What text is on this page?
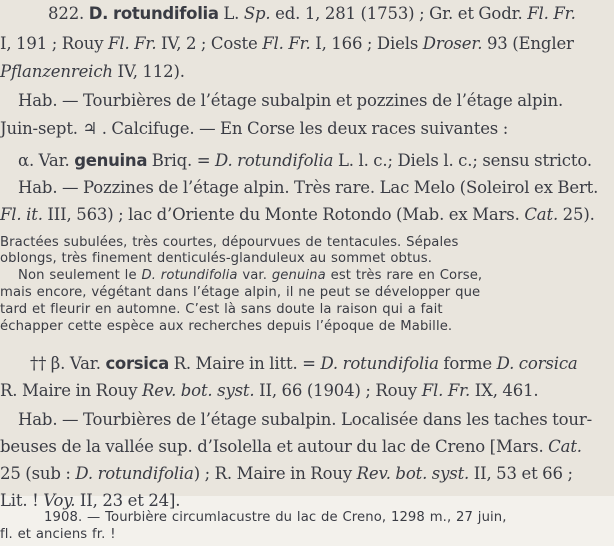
822. D. rotundifolia L. Sp. ed. 1, 281 (1753) ; Gr. et Godr. Fl. Fr.
I, 191 ; Rouy Fl. Fr. IV, 2 ; Coste Fl. Fr. I, 166 ; Diels Droser. 93 (Engler
Pflanzenreich IV, 112).
Hab. — Tourbières de l’étage subalpin et pozzines de l’étage alpin.
Juin-sept. ♃ . Calcifuge. — En Corse les deux races suivantes :
α. Var. genuina Briq. = D. rotundifolia L. l. c.; Diels l. c.; sensu stricto.
Hab. — Pozzines de l’étage alpin. Très rare. Lac Melo (Soleirol ex Bert.
Fl. it. III, 563) ; lac d’Oriente du Monte Rotondo (Mab. ex Mars. Cat. 25).
Bractées subulées, très courtes, dépourvues de tentacules. Sépales
oblongs, très finement denticulés-glanduleux au sommet obtus.
Non seulement le D. rotundifolia var. genuina est très rare en Corse,
mais encore, végétant dans l’étage alpin, il ne peut se développer que
tard et fleurir en automne. C’est là sans doute la raison qui a fait
échapper cette espèce aux recherches depuis l’époque de Mabille.
†† β. Var. corsica R. Maire in litt. = D. rotundifolia forme D. corsica
R. Maire in Rouy Rev. bot. syst. II, 66 (1904) ; Rouy Fl. Fr. IX, 461.
Hab. — Tourbières de l’étage subalpin. Localisée dans les taches tour-
beuses de la vallée sup. d’Isolella et autour du lac de Creno [Mars. Cat.
25 (sub : D. rotundifolia) ; R. Maire in Rouy Rev. bot. syst. II, 53 et 66 ;
Lit. ! Voy. II, 23 et 24].
1908. — Tourbière circumlacustre du lac de Creno, 1298 m., 27 juin,
fl. et anciens fr. !
